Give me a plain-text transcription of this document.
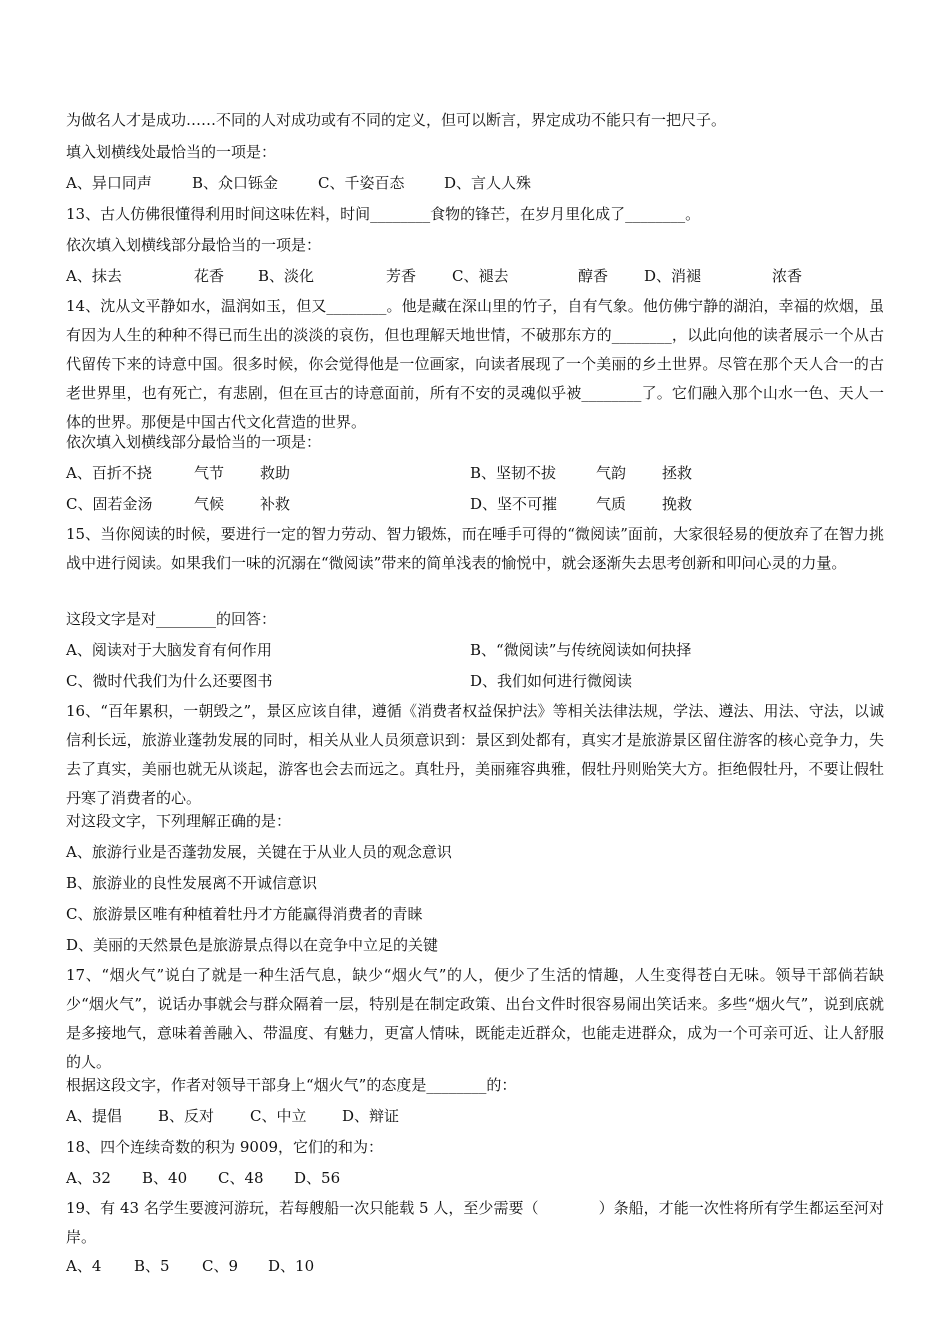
为做名人才是成功……不同的人对成功或有不同的定义，但可以断言，界定成功不能只有一把尺子。
填入划横线处最恰当的一项是：
A、异口同声	B、众口铄金	C、千姿百态	D、言人人殊
13、古人仿佛很懂得利用时间这味佐料，时间________食物的锋芒，在岁月里化成了________。
依次填入划横线部分最恰当的一项是：
A、抹去	花香 B、淡化	芳香 C、褪去	醇香 D、消褪	浓香
14、沈从文平静如水，温润如玉，但又________。他是藏在深山里的竹子，自有气象。他仿佛宁静的湖泊，幸福的炊烟，虽有因为人生的种种不得已而生出的淡淡的哀伤，但也理解天地世情，不破那东方的________，以此向他的读者展示一个从古代留传下来的诗意中国。很多时候，你会觉得他是一位画家，向读者展现了一个美丽的乡土世界。尽管在那个天人合一的古老世界里，也有死亡，有悲剧，但在亘古的诗意面前，所有不安的灵魂似乎被________了。它们融入那个山水一色、天人一体的世界。那便是中国古代文化营造的世界。
依次填入划横线部分最恰当的一项是：
A、百折不挠	气节 救助	B、坚韧不拔	气韵 拯救
C、固若金汤	气候 补救	D、坚不可摧	气质 挽救
15、当你阅读的时候，要进行一定的智力劳动、智力锻炼，而在唾手可得的“微阅读”面前，大家很轻易的便放弃了在智力挑战中进行阅读。如果我们一味的沉溺在“微阅读”带来的简单浅表的愉悦中，就会逐渐失去思考创新和叩问心灵的力量。
这段文字是对________的回答：
A、阅读对于大脑发育有何作用	B、“微阅读”与传统阅读如何抉择
C、微时代我们为什么还要图书	D、我们如何进行微阅读
16、“百年累积，一朝毁之”，景区应该自律，遵循《消费者权益保护法》等相关法律法规，学法、遵法、用法、守法，以诚信利长远，旅游业蓬勃发展的同时，相关从业人员须意识到：景区到处都有，真实才是旅游景区留住游客的核心竞争力，失去了真实，美丽也就无从谈起，游客也会去而远之。真牡丹，美丽雍容典雅，假牡丹则贻笑大方。拒绝假牡丹，不要让假牡丹寒了消费者的心。
对这段文字，下列理解正确的是：
A、旅游行业是否蓬勃发展，关键在于从业人员的观念意识
B、旅游业的良性发展离不开诚信意识
C、旅游景区唯有种植着牡丹才方能赢得消费者的青睐
D、美丽的天然景色是旅游景点得以在竞争中立足的关键
17、“烟火气”说白了就是一种生活气息，缺少“烟火气”的人，便少了生活的情趣，人生变得苍白无味。领导干部倘若缺少“烟火气”，说话办事就会与群众隔着一层，特别是在制定政策、出台文件时很容易闹出笑话来。多些“烟火气”，说到底就是多接地气，意味着善融入、带温度、有魅力，更富人情味，既能走近群众，也能走进群众，成为一个可亲可近、让人舒服的人。
根据这段文字，作者对领导干部身上“烟火气”的态度是________的：
A、提倡 B、反对 C、中立 D、辩证
18、四个连续奇数的积为 9009，它们的和为：
A、32 B、40 C、48 D、56
19、有 43 名学生要渡河游玩，若每艘船一次只能载 5 人，至少需要（　　　　）条船，才能一次性将所有学生都运至河对岸。
A、4 B、5 C、9 D、10
